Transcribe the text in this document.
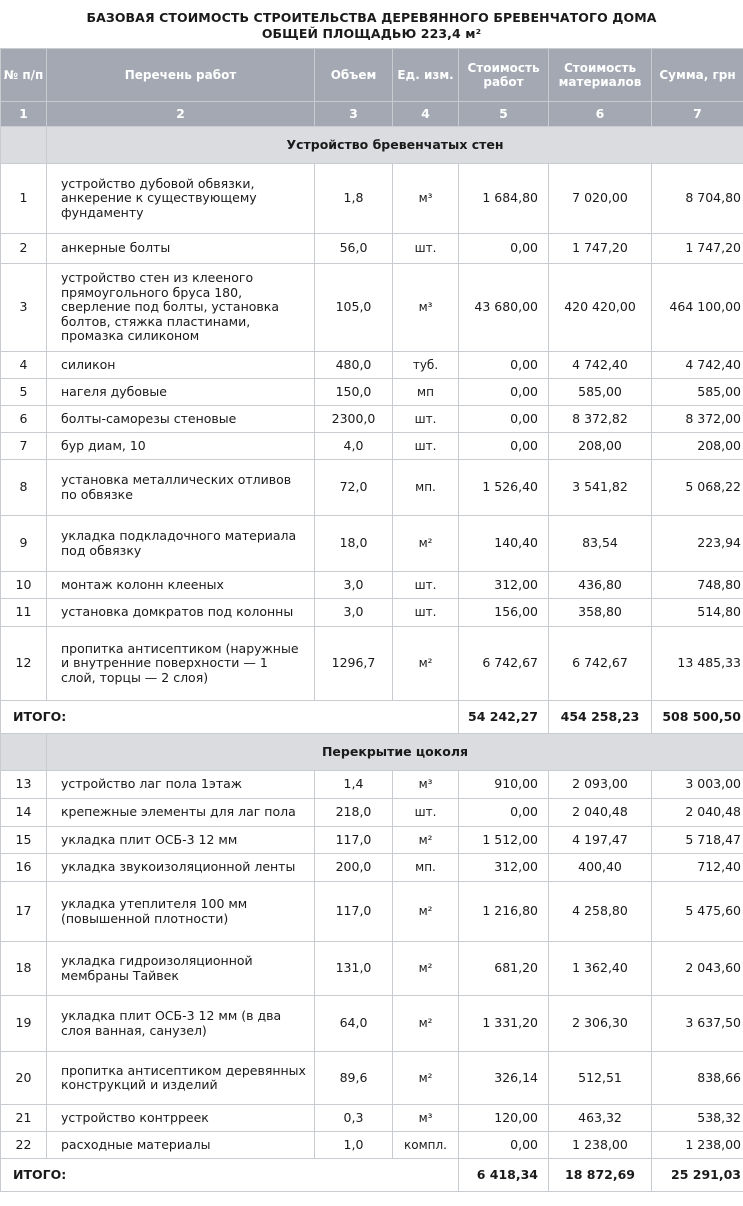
БАЗОВАЯ СТОИМОСТЬ СТРОИТЕЛЬСТВА ДЕРЕВЯННОГО БРЕВЕНЧАТОГО ДОМА
ОБЩЕЙ ПЛОЩАДЬЮ 223,4 м²
№ п/п	Перечень работ	Объем	Ед. изм.	Стоимость работ	Стоимость материалов	Сумма, грн
1	2	3	4	5	6	7
	Устройство бревенчатых стен					
1	устройство дубовой обвязки, анкерение к существующему фундаменту	1,8	м³	1 684,80	7 020,00	8 704,80
2	анкерные болты	56,0	шт.	0,00	1 747,20	1 747,20
3	устройство стен из клееного прямоугольного бруса 180, сверление под болты, установка болтов, стяжка пластинами, промазка силиконом	105,0	м³	43 680,00	420 420,00	464 100,00
4	силикон	480,0	туб.	0,00	4 742,40	4 742,40
5	нагеля дубовые	150,0	мп	0,00	585,00	585,00
6	болты-саморезы стеновые	2300,0	шт.	0,00	8 372,82	8 372,00
7	бур диам, 10	4,0	шт.	0,00	208,00	208,00
8	установка металлических отливов по обвязке	72,0	мп.	1 526,40	3 541,82	5 068,22
9	укладка подкладочного материала под обвязку	18,0	м²	140,40	83,54	223,94
10	монтаж колонн клееных	3,0	шт.	312,00	436,80	748,80
11	установка домкратов под колонны	3,0	шт.	156,00	358,80	514,80
12	пропитка антисептиком (наружные и внутренние поверхности — 1 слой, торцы — 2 слоя)	1296,7	м²	6 742,67	6 742,67	13 485,33
ИТОГО:				54 242,27	454 258,23	508 500,50
	Перекрытие цоколя					
13	устройство лаг пола 1этаж	1,4	м³	910,00	2 093,00	3 003,00
14	крепежные элементы для лаг пола	218,0	шт.	0,00	2 040,48	2 040,48
15	укладка плит ОСБ-3 12 мм	117,0	м²	1 512,00	4 197,47	5 718,47
16	укладка звукоизоляционной ленты	200,0	мп.	312,00	400,40	712,40
17	укладка утеплителя 100 мм (повышенной плотности)	117,0	м²	1 216,80	4 258,80	5 475,60
18	укладка гидроизоляционной мембраны Тайвек	131,0	м²	681,20	1 362,40	2 043,60
19	укладка плит ОСБ-3 12 мм (в два слоя ванная, санузел)	64,0	м²	1 331,20	2 306,30	3 637,50
20	пропитка антисептиком деревянных конструкций и изделий	89,6	м²	326,14	512,51	838,66
21	устройство контрреек	0,3	м³	120,00	463,32	538,32
22	расходные материалы	1,0	компл.	0,00	1 238,00	1 238,00
ИТОГО:				6 418,34	18 872,69	25 291,03
